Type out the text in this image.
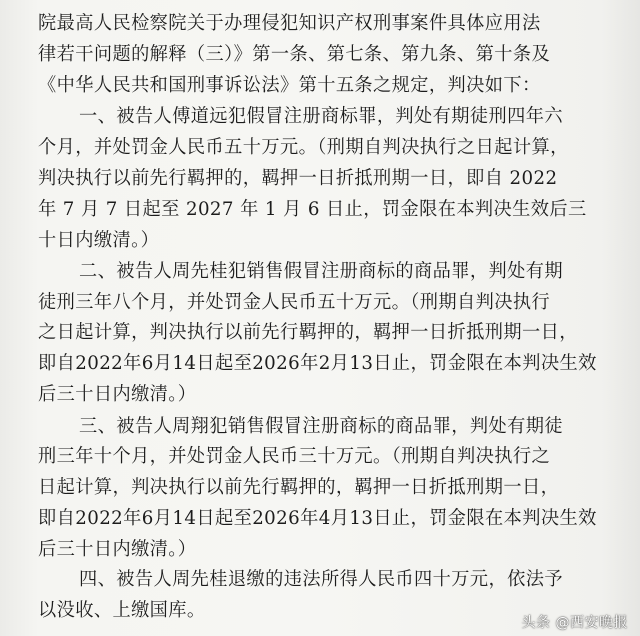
院最高人民检察院关于办理侵犯知识产权刑事案件具体应用法
律若干问题的解释（三）》第一条、第七条、第九条、第十条及
《中华人民共和国刑事诉讼法》第十五条之规定，判决如下：
一、被告人傅道远犯假冒注册商标罪，判处有期徒刑四年六
个月，并处罚金人民币五十万元。（刑期自判决执行之日起计算，
判决执行以前先行羁押的，羁押一日折抵刑期一日，即自 2022
年 7 月 7 日起至 2027 年 1 月 6 日止，罚金限在本判决生效后三
十日内缴清。）
二、被告人周先桂犯销售假冒注册商标的商品罪，判处有期
徒刑三年八个月，并处罚金人民币五十万元。（刑期自判决执行
之日起计算，判决执行以前先行羁押的，羁押一日折抵刑期一日，
即自2022年6月14日起至2026年2月13日止，罚金限在本判决生效
后三十日内缴清。）
三、被告人周翔犯销售假冒注册商标的商品罪，判处有期徒
刑三年十个月，并处罚金人民币三十万元。（刑期自判决执行之
日起计算，判决执行以前先行羁押的，羁押一日折抵刑期一日，
即自2022年6月14日起至2026年4月13日止，罚金限在本判决生效
后三十日内缴清。）
四、被告人周先桂退缴的违法所得人民币四十万元，依法予
以没收、上缴国库。
头条 @西安晚报
